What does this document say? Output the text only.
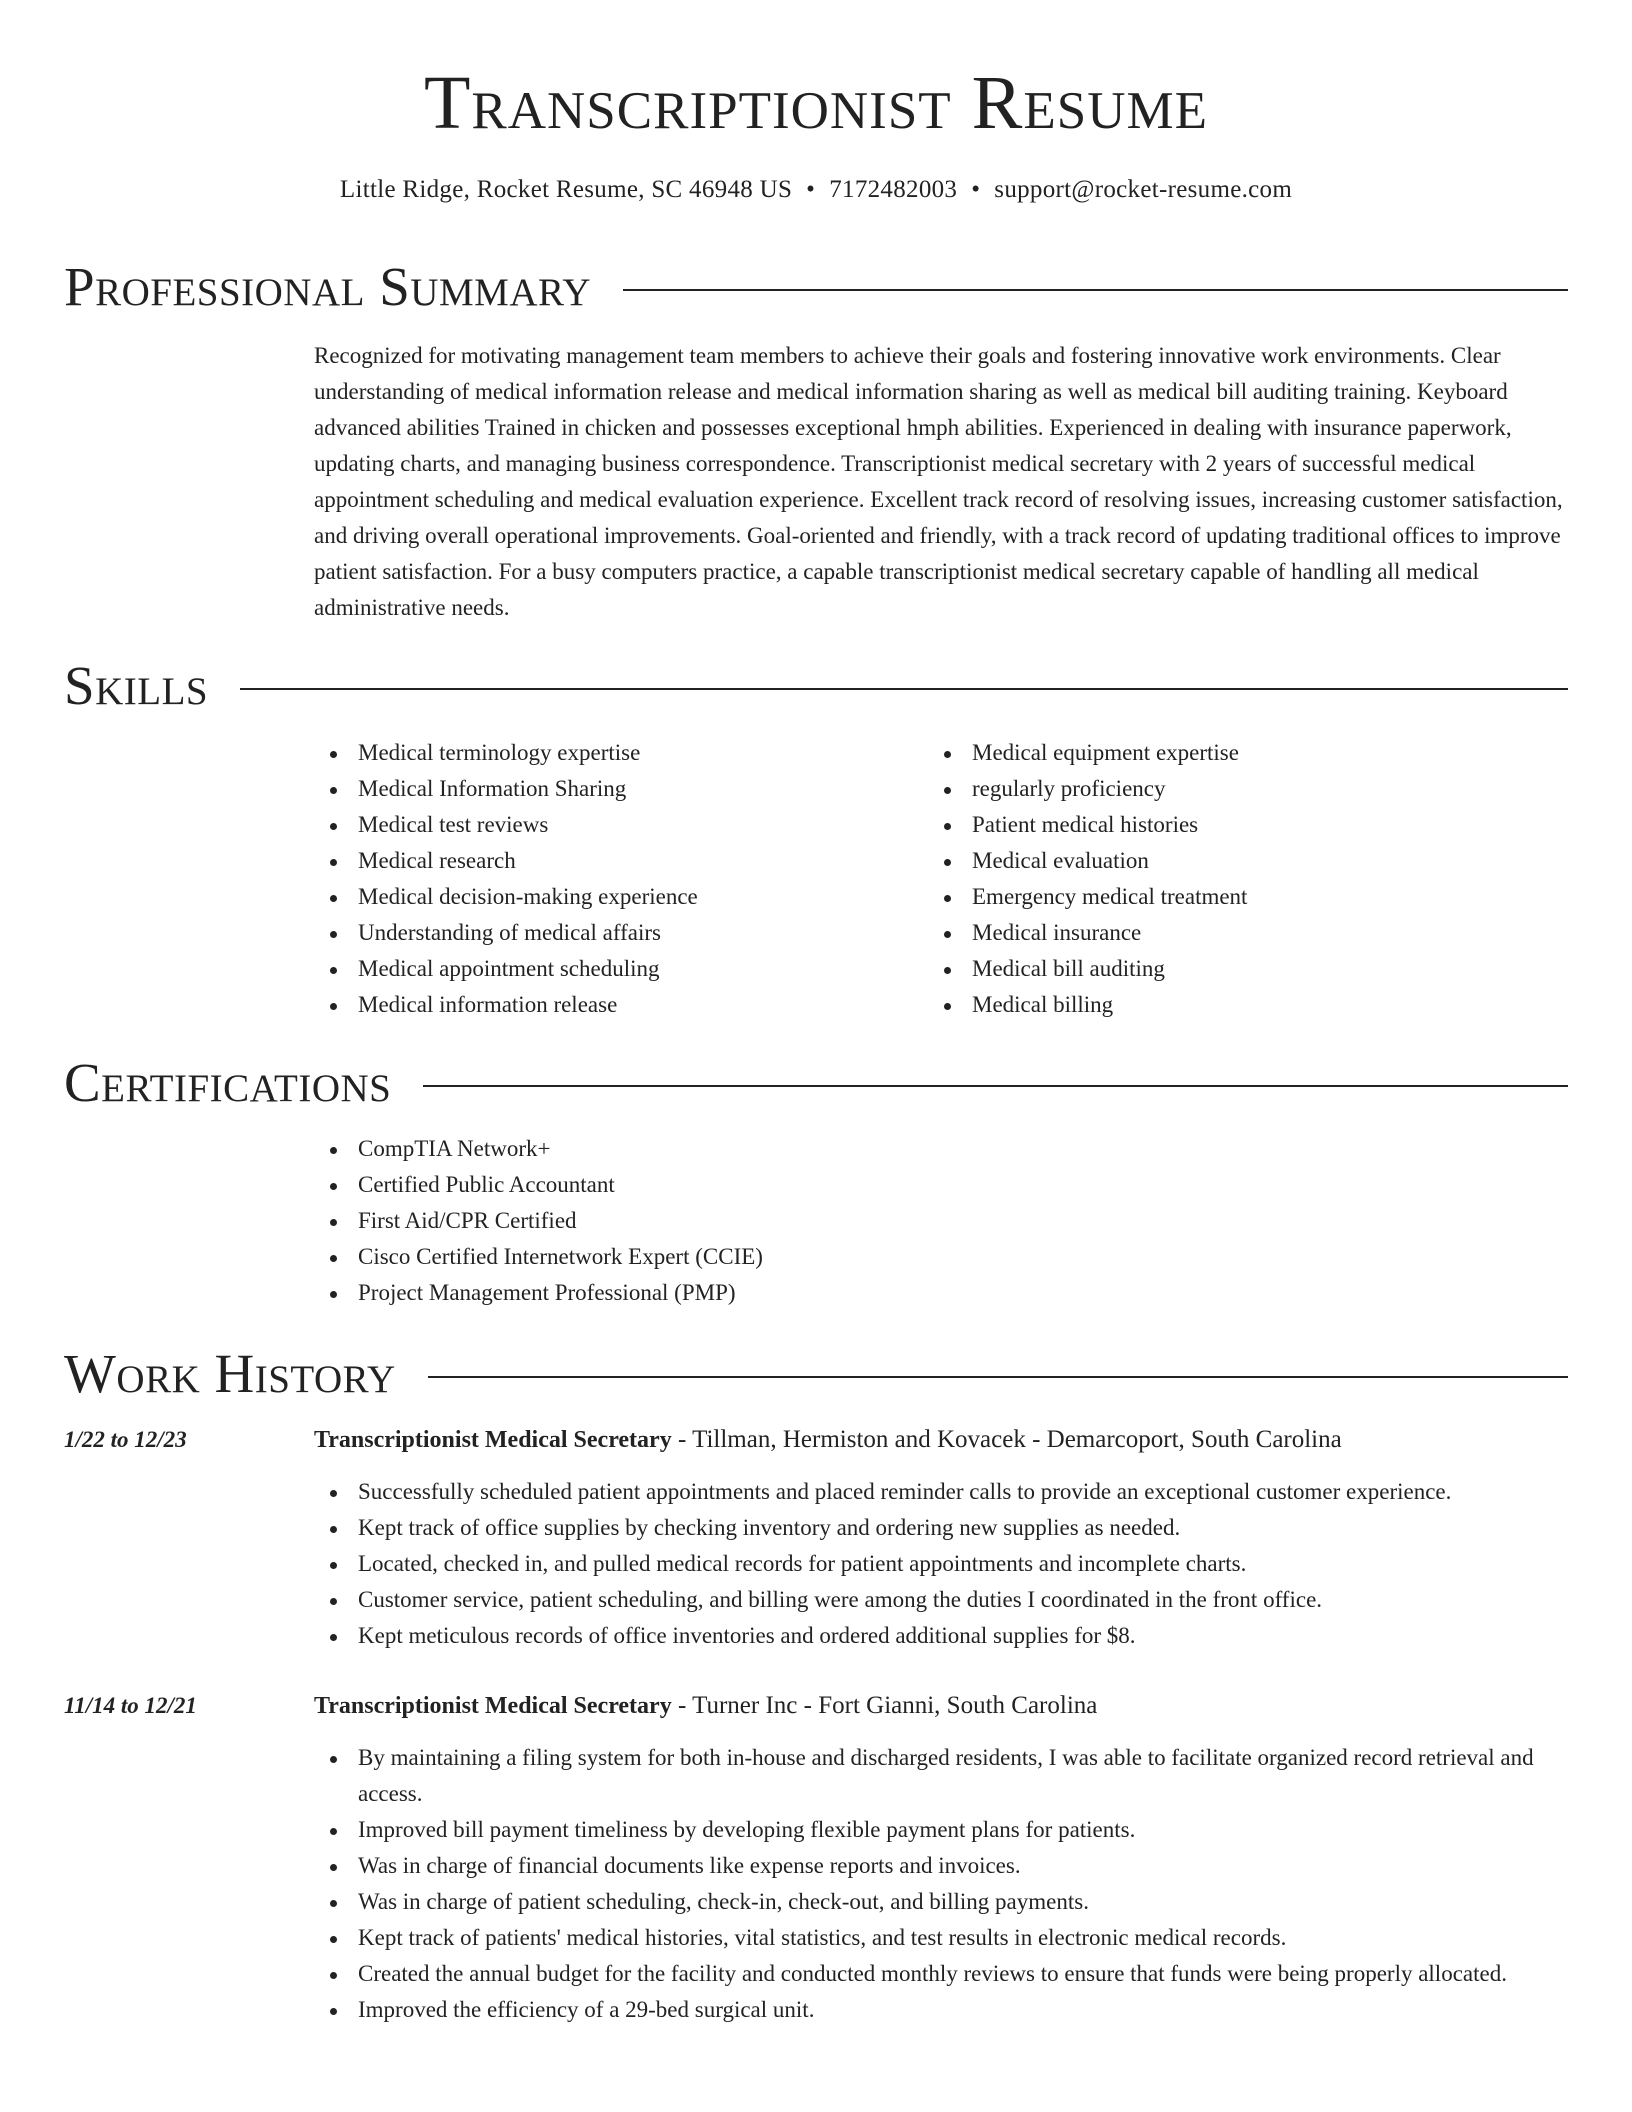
Transcriptionist Resume
Little Ridge, Rocket Resume, SC 46948 US • 7172482003 • support@rocket-resume.com
Professional Summary

Recognized for motivating management team members to achieve their goals and fostering innovative work environments. Clear understanding of medical information release and medical information sharing as well as medical bill auditing training. Keyboard advanced abilities Trained in chicken and possesses exceptional hmph abilities. Experienced in dealing with insurance paperwork, updating charts, and managing business correspondence. Transcriptionist medical secretary with 2 years of successful medical appointment scheduling and medical evaluation experience. Excellent track record of resolving issues, increasing customer satisfaction, and driving overall operational improvements. Goal-oriented and friendly, with a track record of updating traditional offices to improve patient satisfaction. For a busy computers practice, a capable transcriptionist medical secretary capable of handling all medical administrative needs.

Skills
Medical terminology expertise
Medical Information Sharing
Medical test reviews
Medical research
Medical decision-making experience
Understanding of medical affairs
Medical appointment scheduling
Medical information release
Medical equipment expertise
regularly proficiency
Patient medical histories
Medical evaluation
Emergency medical treatment
Medical insurance
Medical bill auditing
Medical billing
Certifications
CompTIA Network+
Certified Public Accountant
First Aid/CPR Certified
Cisco Certified Internetwork Expert (CCIE)
Project Management Professional (PMP)
Work History
1/22 to 12/23	Transcriptionist Medical Secretary - Tillman, Hermiston and Kovacek - Demarcoport, South Carolina
Successfully scheduled patient appointments and placed reminder calls to provide an exceptional customer experience.
Kept track of office supplies by checking inventory and ordering new supplies as needed.
Located, checked in, and pulled medical records for patient appointments and incomplete charts.
Customer service, patient scheduling, and billing were among the duties I coordinated in the front office.
Kept meticulous records of office inventories and ordered additional supplies for $8.
11/14 to 12/21	Transcriptionist Medical Secretary - Turner Inc - Fort Gianni, South Carolina
By maintaining a filing system for both in-house and discharged residents, I was able to facilitate organized record retrieval and access.
Improved bill payment timeliness by developing flexible payment plans for patients.
Was in charge of financial documents like expense reports and invoices.
Was in charge of patient scheduling, check-in, check-out, and billing payments.
Kept track of patients' medical histories, vital statistics, and test results in electronic medical records.
Created the annual budget for the facility and conducted monthly reviews to ensure that funds were being properly allocated.
Improved the efficiency of a 29-bed surgical unit.
